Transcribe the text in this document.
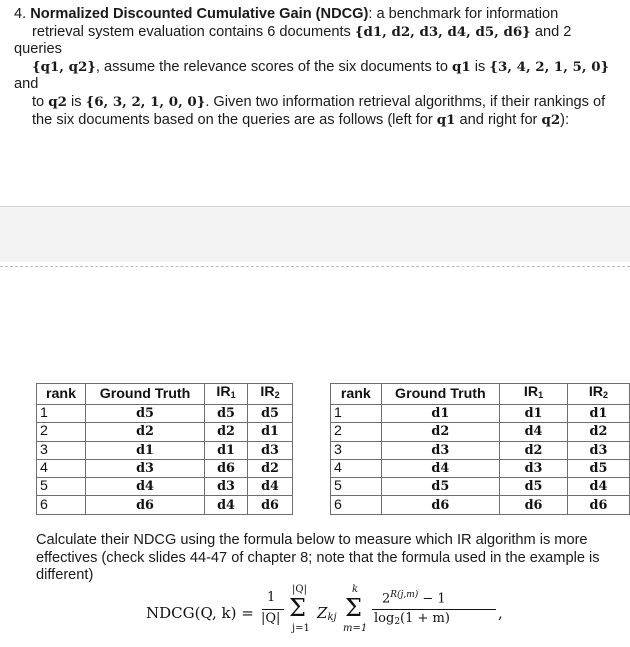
4. Normalized Discounted Cumulative Gain (NDCG): a benchmark for information
retrieval system evaluation contains 6 documents {d1, d2, d3, d4, d5, d6} and 2 queries
{q1, q2}, assume the relevance scores of the six documents to q1 is {3, 4, 2, 1, 5, 0} and
to q2 is {6, 3, 2, 1, 0, 0}. Given two information retrieval algorithms, if their rankings of
the six documents based on the queries are as follows (left for q1 and right for q2):
rank	Ground Truth	$IR_1$	$IR_2$
1	d5	d5	d5
2	d2	d2	d1
3	d1	d1	d3
4	d3	d6	d2
5	d4	d3	d4
6	d6	d4	d6
rank	Ground Truth	$IR_1$	$IR_2$
1	d1	d1	d1
2	d2	d4	d2
3	d3	d2	d3
4	d4	d3	d5
5	d5	d5	d4
6	d6	d6	d6
Calculate their NDCG using the formula below to measure which IR algorithm is more effectives (check slides 44-47 of chapter 8; note that the formula used in the example is different)
NDCG(Q, k) =
1
|Q|
|Q|
Σ
j=1
$Z_{kj}$
k
Σ
m=1
$2^{R(j,m)} - 1$
$\log_2(1 + m)$	,
